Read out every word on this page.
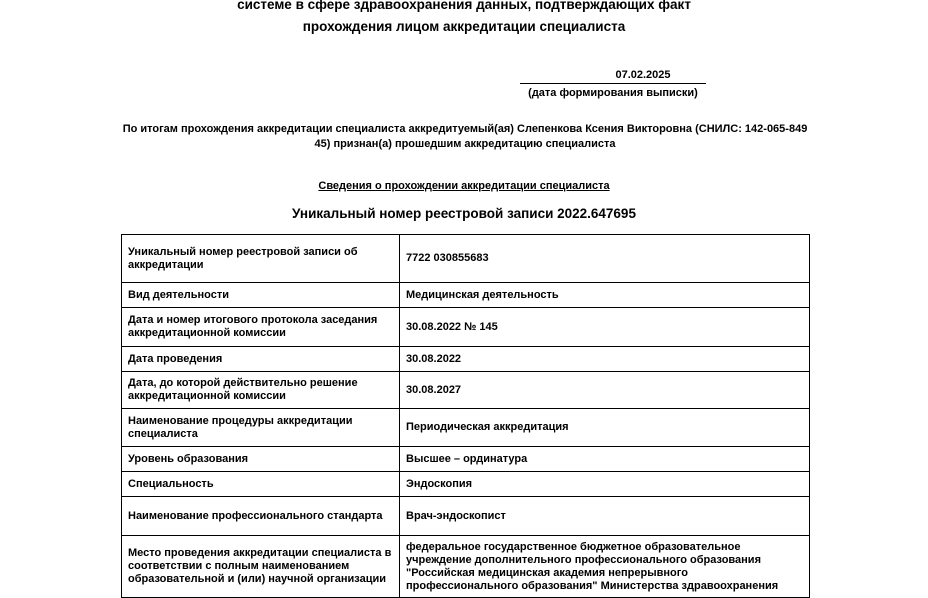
системе в сфере здравоохранения данных, подтверждающих факт
прохождения лицом аккредитации специалиста
07.02.2025
(дата формирования выписки)
По итогам прохождения аккредитации специалиста аккредитуемый(ая) Слепенкова Ксения Викторовна (СНИЛС: 142-065-849 45) признан(а) прошедшим аккредитацию специалиста
Сведения о прохождении аккредитации специалиста
Уникальный номер реестровой записи 2022.647695
Уникальный номер реестровой записи об аккредитации	7722 030855683
Вид деятельности	Медицинская деятельность
Дата и номер итогового протокола заседания аккредитационной комиссии	30.08.2022 № 145
Дата проведения	30.08.2022
Дата, до которой действительно решение аккредитационной комиссии	30.08.2027
Наименование процедуры аккредитации специалиста	Периодическая аккредитация
Уровень образования	Высшее – ординатура
Специальность	Эндоскопия
Наименование профессионального стандарта	Врач-эндоскопист
Место проведения аккредитации специалиста в соответствии с полным наименованием образовательной и (или) научной организации	федеральное государственное бюджетное образовательное учреждение дополнительного профессионального образования "Российская медицинская академия непрерывного профессионального образования" Министерства здравоохранения
